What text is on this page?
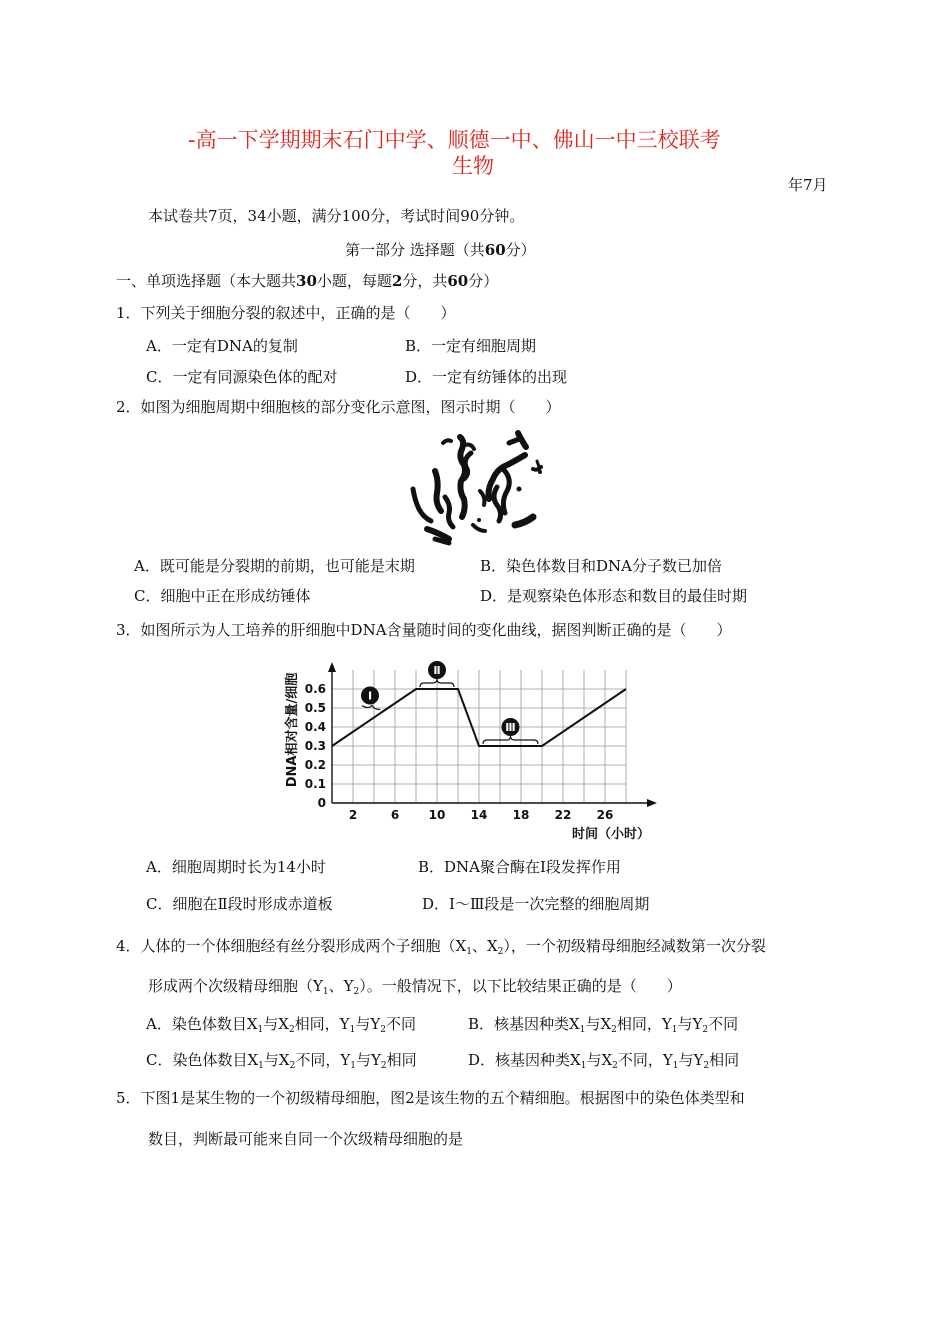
-高一下学期期末石门中学、顺德一中、佛山一中三校联考
生物
年7月
本试卷共7页，34小题，满分100分，考试时间90分钟。
第一部分 选择题（共60分）
一、单项选择题（本大题共30小题，每题2分，共60分）
1．下列关于细胞分裂的叙述中，正确的是（　　）
A．一定有DNA的复制	B．一定有细胞周期
C．一定有同源染色体的配对	D．一定有纺锤体的出现
2．如图为细胞周期中细胞核的部分变化示意图，图示时期（　　）
A．既可能是分裂期的前期，也可能是末期	B．染色体数目和DNA分子数已加倍
C．细胞中正在形成纺锤体	D．是观察染色体形态和数目的最佳时期
3．如图所示为人工培养的肝细胞中DNA含量随时间的变化曲线，据图判断正确的是（　　）
0
0.1
0.2
0.3
0.4
0.5
0.6
2	6 10 14 18 22 26
Ⅰ
Ⅱ
Ⅲ
DNA相对含量/细胞
时间（小时）
A．细胞周期时长为14小时	B．DNA聚合酶在Ⅰ段发挥作用
C．细胞在Ⅱ段时形成赤道板	D．Ⅰ～Ⅲ段是一次完整的细胞周期
4．人体的一个体细胞经有丝分裂形成两个子细胞（$X_1$、$X_2$），一个初级精母细胞经减数第一次分裂
形成两个次级精母细胞（$Y_1$、$Y_2$）。一般情况下，以下比较结果正确的是（　　）
A．染色体数目$X_1$与$X_2$相同，$Y_1$与$Y_2$不同	B．核基因种类$X_1$与$X_2$相同，$Y_1$与$Y_2$不同
C．染色体数目$X_1$与$X_2$不同，$Y_1$与$Y_2$相同	D．核基因种类$X_1$与$X_2$不同，$Y_1$与$Y_2$相同
5．下图1是某生物的一个初级精母细胞，图2是该生物的五个精细胞。根据图中的染色体类型和
数目，判断最可能来自同一个次级精母细胞的是
